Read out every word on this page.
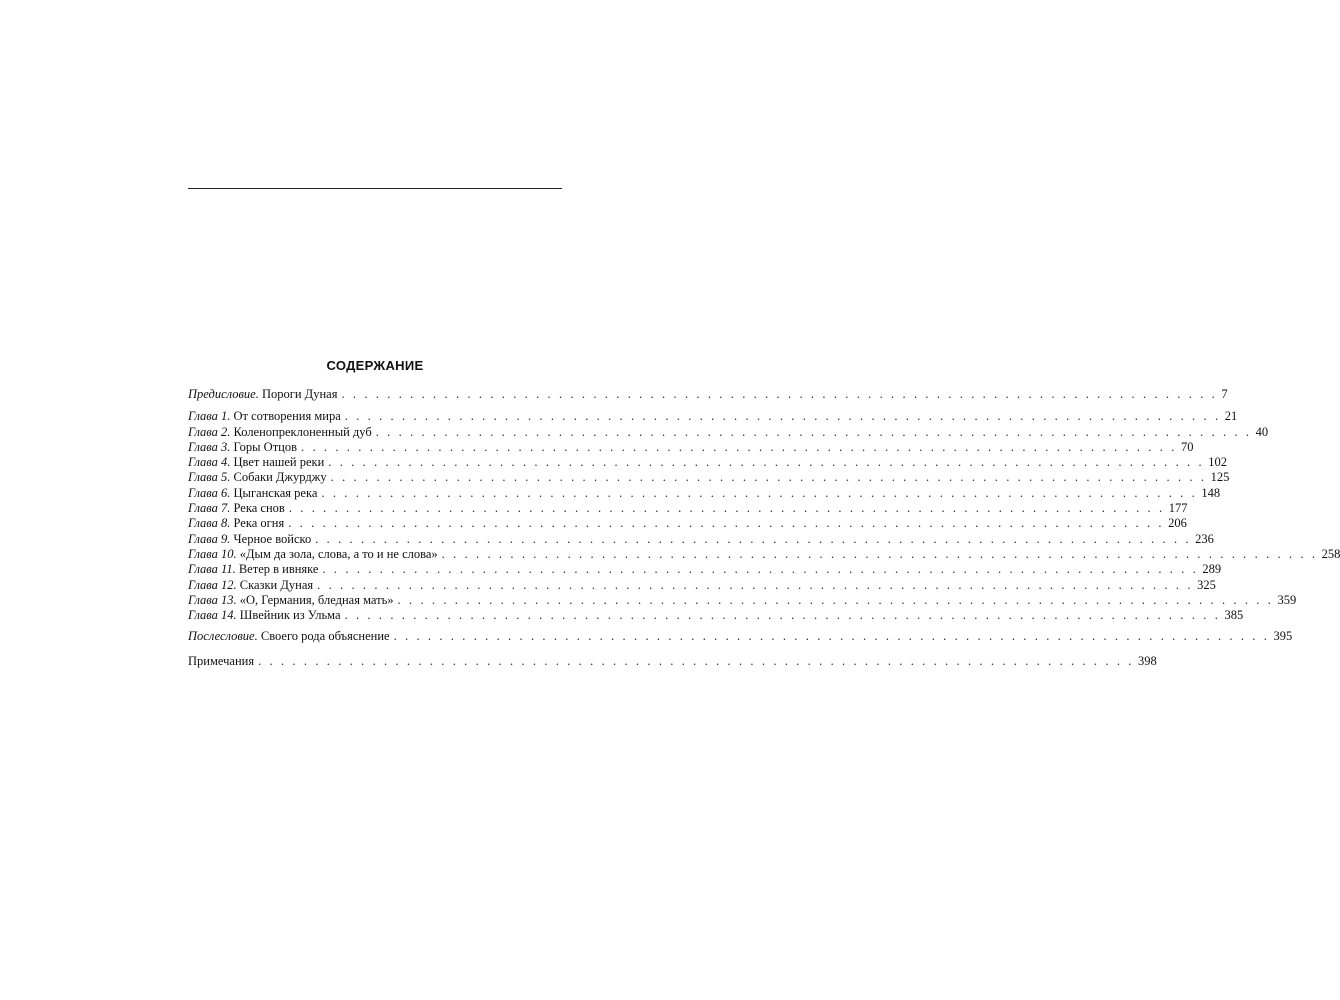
СОДЕРЖАНИЕ
Предисловие. Пороги Дуная . . . . . . . . . . . . . . . . . . . . . . . . . . . . . . . . . . . . . . . . . . . . . . . . . . . . . . . . . . . . . . . . . . . . . . . . . . . . . 7
Глава 1. От сотворения мира . . . . . . . . . . . . . . . . . . . . . . . . . . . . . . . . . . . . . . . . . . . . . . . . . . . . . . . . . . . . . . . . . . . . . . . . . . . . . 21
Глава 2. Коленопреклоненный дуб . . . . . . . . . . . . . . . . . . . . . . . . . . . . . . . . . . . . . . . . . . . . . . . . . . . . . . . . . . . . . . . . . . . . . . . . . . . . . 40
Глава 3. Горы Отцов . . . . . . . . . . . . . . . . . . . . . . . . . . . . . . . . . . . . . . . . . . . . . . . . . . . . . . . . . . . . . . . . . . . . . . . . . . . . . 70
Глава 4. Цвет нашей реки . . . . . . . . . . . . . . . . . . . . . . . . . . . . . . . . . . . . . . . . . . . . . . . . . . . . . . . . . . . . . . . . . . . . . . . . . . . . . 102
Глава 5. Собаки Джурджу . . . . . . . . . . . . . . . . . . . . . . . . . . . . . . . . . . . . . . . . . . . . . . . . . . . . . . . . . . . . . . . . . . . . . . . . . . . . . 125
Глава 6. Цыганская река . . . . . . . . . . . . . . . . . . . . . . . . . . . . . . . . . . . . . . . . . . . . . . . . . . . . . . . . . . . . . . . . . . . . . . . . . . . . . 148
Глава 7. Река снов . . . . . . . . . . . . . . . . . . . . . . . . . . . . . . . . . . . . . . . . . . . . . . . . . . . . . . . . . . . . . . . . . . . . . . . . . . . . . 177
Глава 8. Река огня . . . . . . . . . . . . . . . . . . . . . . . . . . . . . . . . . . . . . . . . . . . . . . . . . . . . . . . . . . . . . . . . . . . . . . . . . . . . . 206
Глава 9. Черное войско . . . . . . . . . . . . . . . . . . . . . . . . . . . . . . . . . . . . . . . . . . . . . . . . . . . . . . . . . . . . . . . . . . . . . . . . . . . . . 236
Глава 10. «Дым да зола, слова, а то и не слова» . . . . . . . . . . . . . . . . . . . . . . . . . . . . . . . . . . . . . . . . . . . . . . . . . . . . . . . . . . . . . . . . . . . . . . . . . . . . . 258
Глава 11. Ветер в ивняке . . . . . . . . . . . . . . . . . . . . . . . . . . . . . . . . . . . . . . . . . . . . . . . . . . . . . . . . . . . . . . . . . . . . . . . . . . . . . 289
Глава 12. Сказки Дуная . . . . . . . . . . . . . . . . . . . . . . . . . . . . . . . . . . . . . . . . . . . . . . . . . . . . . . . . . . . . . . . . . . . . . . . . . . . . . 325
Глава 13. «О, Германия, бледная мать» . . . . . . . . . . . . . . . . . . . . . . . . . . . . . . . . . . . . . . . . . . . . . . . . . . . . . . . . . . . . . . . . . . . . . . . . . . . . . 359
Глава 14. Швейник из Ульма . . . . . . . . . . . . . . . . . . . . . . . . . . . . . . . . . . . . . . . . . . . . . . . . . . . . . . . . . . . . . . . . . . . . . . . . . . . . . 385
Послесловие. Своего рода объяснение . . . . . . . . . . . . . . . . . . . . . . . . . . . . . . . . . . . . . . . . . . . . . . . . . . . . . . . . . . . . . . . . . . . . . . . . . . . . . 395
Примечания . . . . . . . . . . . . . . . . . . . . . . . . . . . . . . . . . . . . . . . . . . . . . . . . . . . . . . . . . . . . . . . . . . . . . . . . . . . . . 398
